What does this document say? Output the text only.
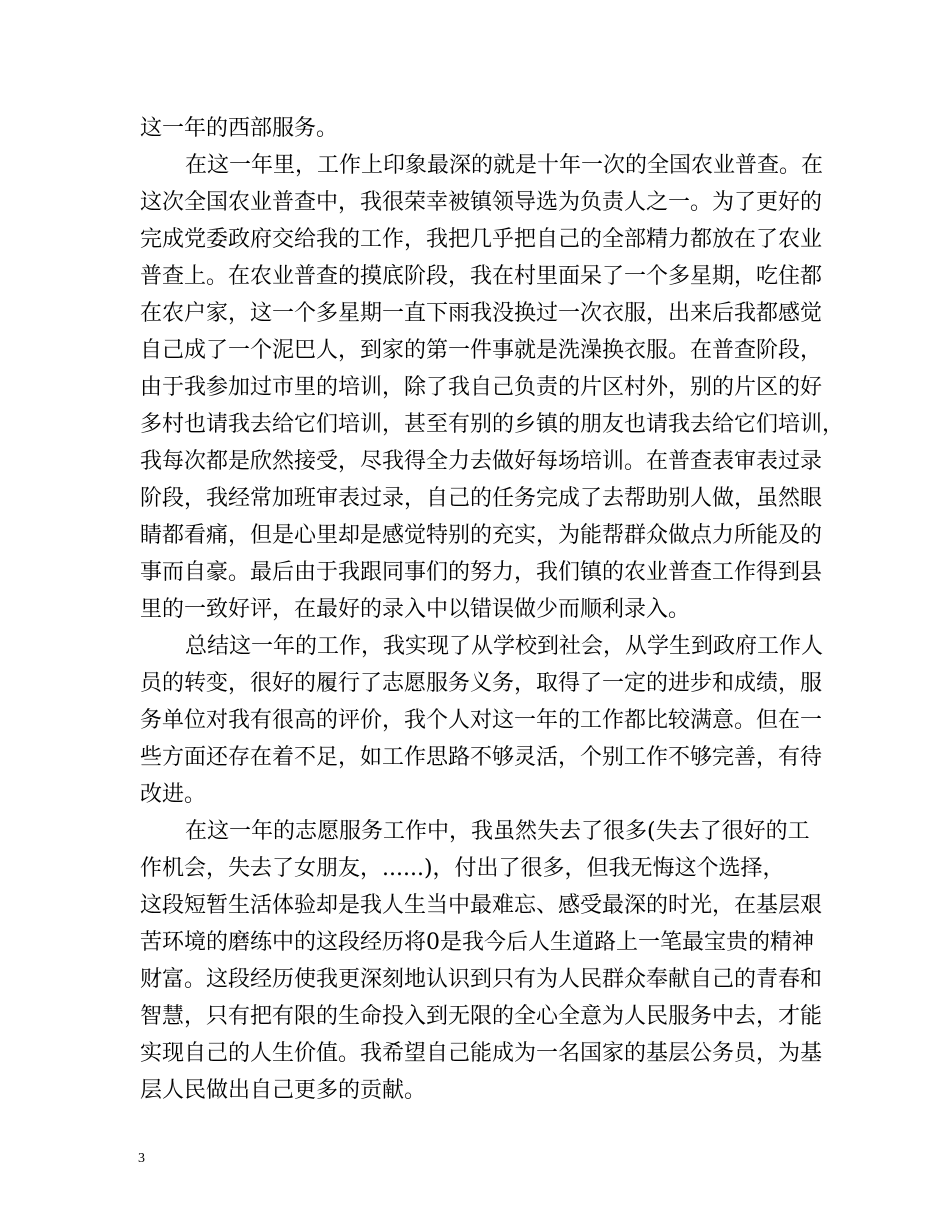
这一年的西部服务。
在这一年里，工作上印象最深的就是十年一次的全国农业普查。在
这次全国农业普查中，我很荣幸被镇领导选为负责人之一。为了更好的
完成党委政府交给我的工作，我把几乎把自己的全部精力都放在了农业
普查上。在农业普查的摸底阶段，我在村里面呆了一个多星期，吃住都
在农户家，这一个多星期一直下雨我没换过一次衣服，出来后我都感觉
自己成了一个泥巴人，到家的第一件事就是洗澡换衣服。在普查阶段，
由于我参加过市里的培训，除了我自己负责的片区村外，别的片区的好
多村也请我去给它们培训，甚至有别的乡镇的朋友也请我去给它们培训，
我每次都是欣然接受，尽我得全力去做好每场培训。在普查表审表过录
阶段，我经常加班审表过录，自己的任务完成了去帮助别人做，虽然眼
睛都看痛，但是心里却是感觉特别的充实，为能帮群众做点力所能及的
事而自豪。最后由于我跟同事们的努力，我们镇的农业普查工作得到县
里的一致好评，在最好的录入中以错误做少而顺利录入。
总结这一年的工作，我实现了从学校到社会，从学生到政府工作人
员的转变，很好的履行了志愿服务义务，取得了一定的进步和成绩，服
务单位对我有很高的评价，我个人对这一年的工作都比较满意。但在一
些方面还存在着不足，如工作思路不够灵活，个别工作不够完善，有待
改进。
在这一年的志愿服务工作中，我虽然失去了很多(失去了很好的工
作机会，失去了女朋友，......)，付出了很多，但我无悔这个选择，
这段短暂生活体验却是我人生当中最难忘、感受最深的时光，在基层艰
苦环境的磨练中的这段经历将0是我今后人生道路上一笔最宝贵的精神
财富。这段经历使我更深刻地认识到只有为人民群众奉献自己的青春和
智慧，只有把有限的生命投入到无限的全心全意为人民服务中去，才能
实现自己的人生价值。我希望自己能成为一名国家的基层公务员，为基
层人民做出自己更多的贡献。
3
